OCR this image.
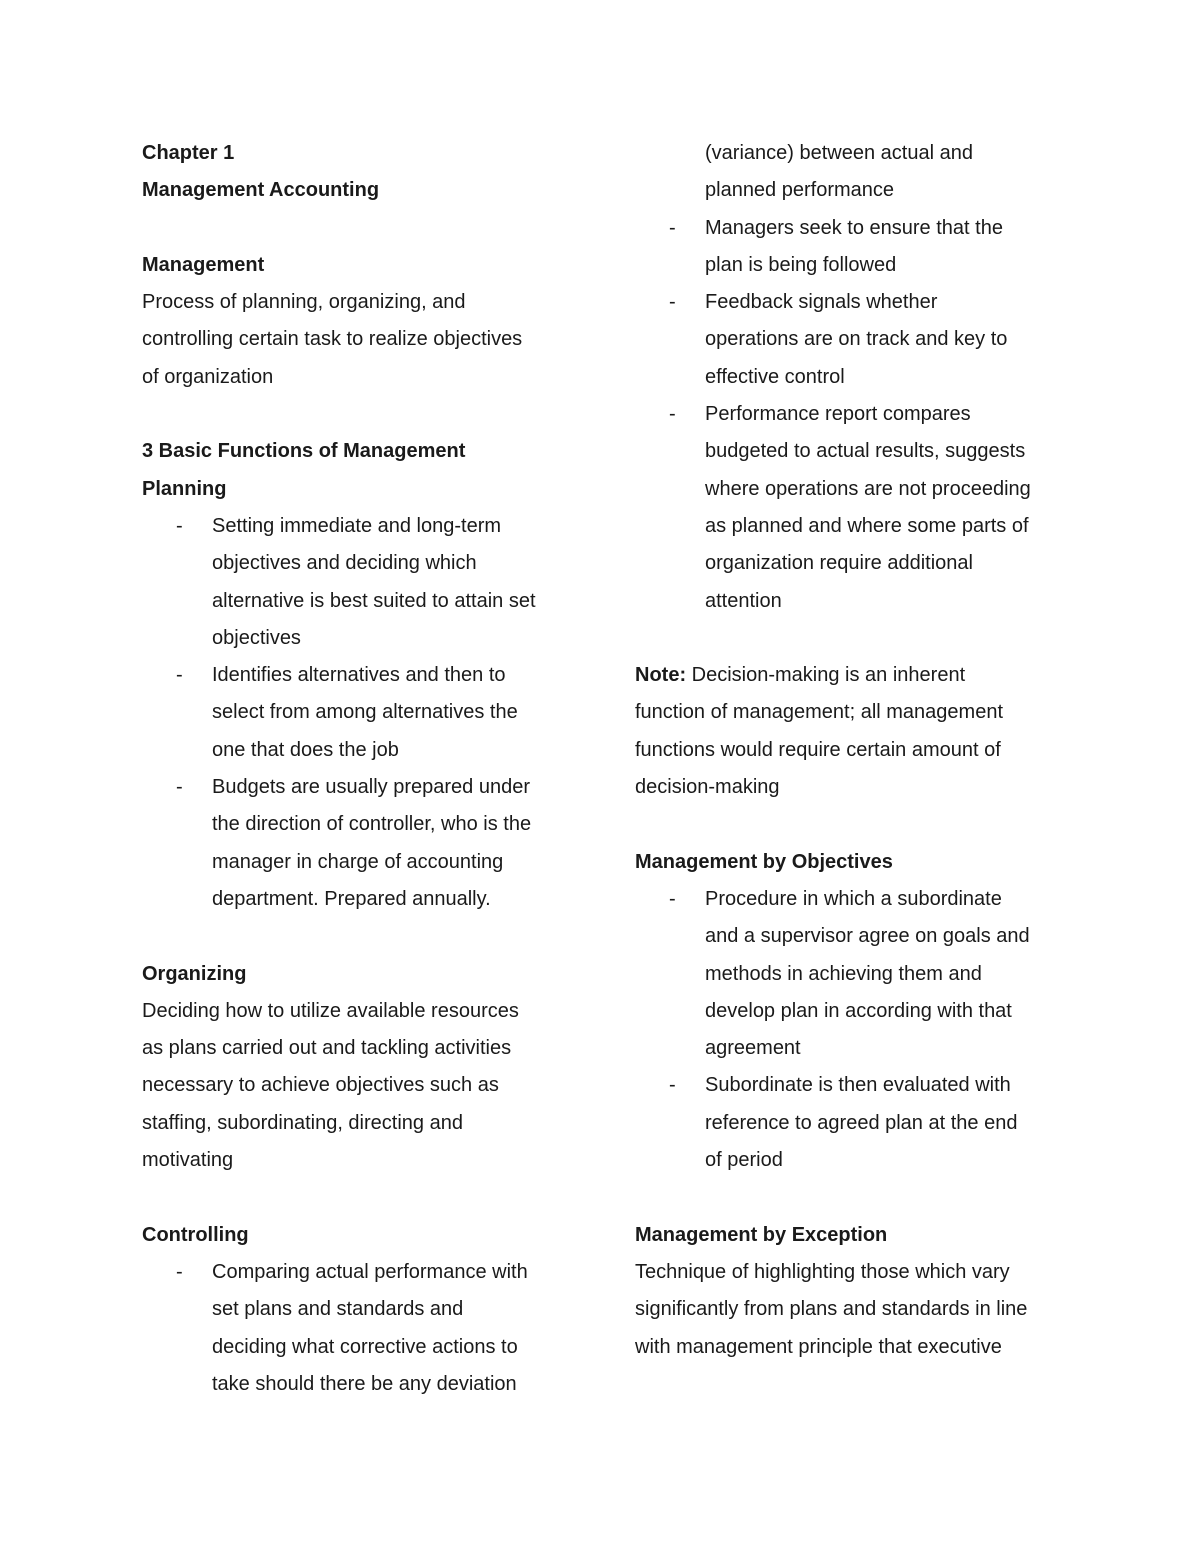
Chapter 1
Management Accounting
Management
Process of planning, organizing, and
controlling certain task to realize objectives
of organization
3 Basic Functions of Management
Planning
- Setting immediate and long-term
objectives and deciding which
alternative is best suited to attain set
objectives
- Identifies alternatives and then to
select from among alternatives the
one that does the job
- Budgets are usually prepared under
the direction of controller, who is the
manager in charge of accounting
department. Prepared annually.
Organizing
Deciding how to utilize available resources
as plans carried out and tackling activities
necessary to achieve objectives such as
staffing, subordinating, directing and
motivating
Controlling
- Comparing actual performance with
set plans and standards and
deciding what corrective actions to
take should there be any deviation
(variance) between actual and
planned performance
- Managers seek to ensure that the
plan is being followed
- Feedback signals whether
operations are on track and key to
effective control
- Performance report compares
budgeted to actual results, suggests
where operations are not proceeding
as planned and where some parts of
organization require additional
attention
Note: Decision-making is an inherent
function of management; all management
functions would require certain amount of
decision-making
Management by Objectives
- Procedure in which a subordinate
and a supervisor agree on goals and
methods in achieving them and
develop plan in according with that
agreement
- Subordinate is then evaluated with
reference to agreed plan at the end
of period
Management by Exception
Technique of highlighting those which vary
significantly from plans and standards in line
with management principle that executive
